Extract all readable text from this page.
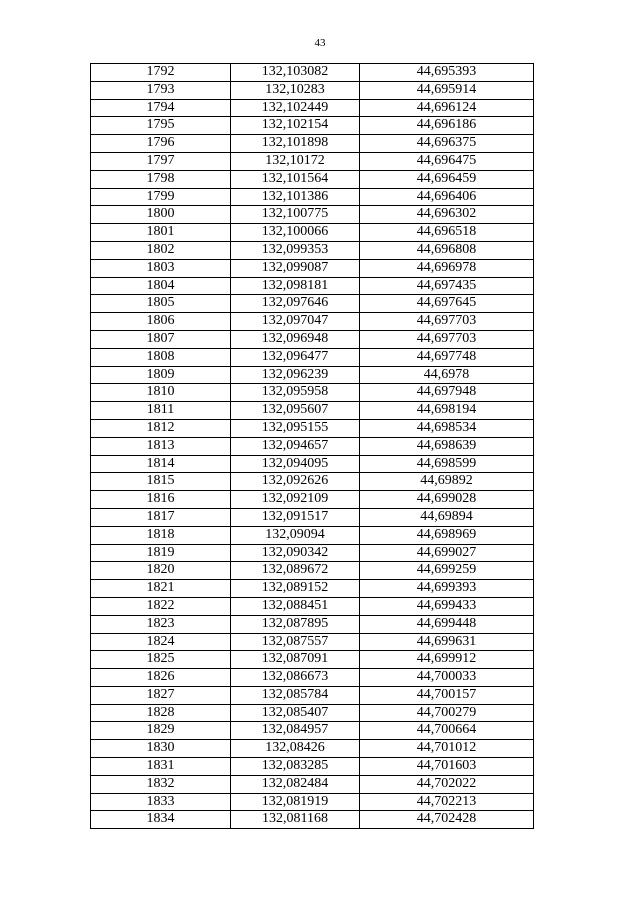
43
1792	132,103082	44,695393
1793	132,10283	44,695914
1794	132,102449	44,696124
1795	132,102154	44,696186
1796	132,101898	44,696375
1797	132,10172	44,696475
1798	132,101564	44,696459
1799	132,101386	44,696406
1800	132,100775	44,696302
1801	132,100066	44,696518
1802	132,099353	44,696808
1803	132,099087	44,696978
1804	132,098181	44,697435
1805	132,097646	44,697645
1806	132,097047	44,697703
1807	132,096948	44,697703
1808	132,096477	44,697748
1809	132,096239	44,6978
1810	132,095958	44,697948
1811	132,095607	44,698194
1812	132,095155	44,698534
1813	132,094657	44,698639
1814	132,094095	44,698599
1815	132,092626	44,69892
1816	132,092109	44,699028
1817	132,091517	44,69894
1818	132,09094	44,698969
1819	132,090342	44,699027
1820	132,089672	44,699259
1821	132,089152	44,699393
1822	132,088451	44,699433
1823	132,087895	44,699448
1824	132,087557	44,699631
1825	132,087091	44,699912
1826	132,086673	44,700033
1827	132,085784	44,700157
1828	132,085407	44,700279
1829	132,084957	44,700664
1830	132,08426	44,701012
1831	132,083285	44,701603
1832	132,082484	44,702022
1833	132,081919	44,702213
1834	132,081168	44,702428
